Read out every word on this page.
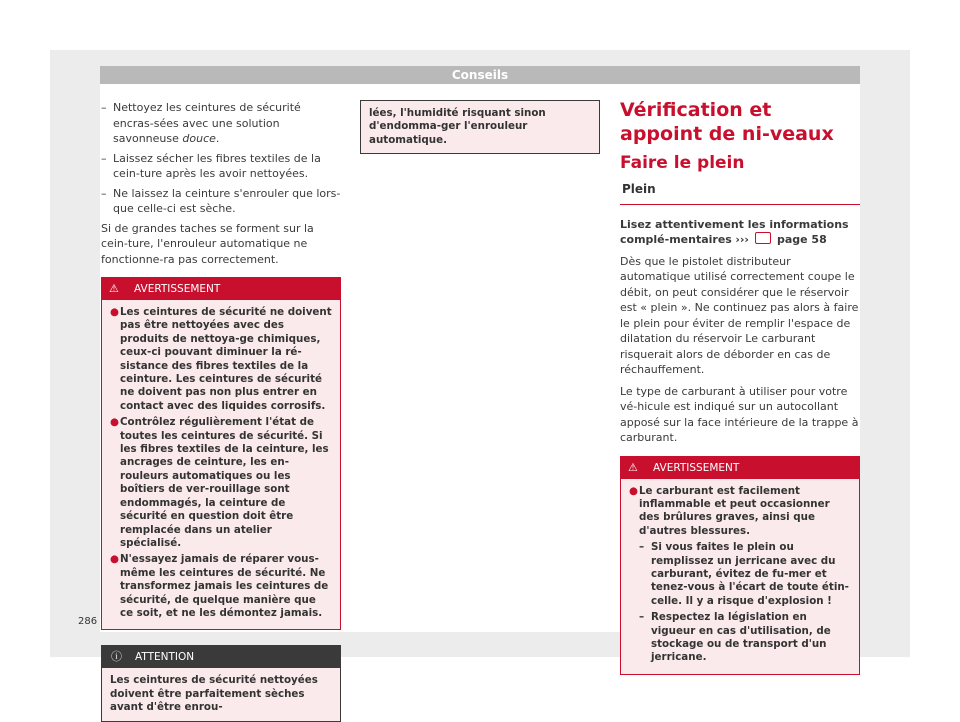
Conseils
– Nettoyez les ceintures de sécurité encras-sées avec une solution savonneuse douce.
– Laissez sécher les fibres textiles de la cein-ture après les avoir nettoyées.
– Ne laissez la ceinture s'enrouler que lors-que celle-ci est sèche.

Si de grandes taches se forment sur la cein-ture, l'enrouleur automatique ne fonctionne-ra pas correctement.

⚠ AVERTISSEMENT
● Les ceintures de sécurité ne doivent pas être nettoyées avec des produits de nettoya-ge chimiques, ceux-ci pouvant diminuer la ré-sistance des fibres textiles de la ceinture. Les ceintures de sécurité ne doivent pas non plus entrer en contact avec des liquides corrosifs.
● Contrôlez régulièrement l'état de toutes les ceintures de sécurité. Si les fibres textiles de la ceinture, les ancrages de ceinture, les en-rouleurs automatiques ou les boîtiers de ver-rouillage sont endommagés, la ceinture de sécurité en question doit être remplacée dans un atelier spécialisé.
● N'essayez jamais de réparer vous-même les ceintures de sécurité. Ne transformez jamais les ceintures de sécurité, de quelque manière que ce soit, et ne les démontez jamais.
ⓘ ATTENTION
Les ceintures de sécurité nettoyées doivent être parfaitement sèches avant d'être enrou-
lées, l'humidité risquant sinon d'endomma-ger l'enrouleur automatique.
Vérification et appoint de ni-veaux
Faire le plein
Plein

Lisez attentivement les informations complé-mentaires ›››	page 58

Dès que le pistolet distributeur automatique utilisé correctement coupe le débit, on peut considérer que le réservoir est « plein ». Ne continuez pas alors à faire le plein pour éviter de remplir l'espace de dilatation du réservoir Le carburant risquerait alors de déborder en cas de réchauffement.

Le type de carburant à utiliser pour votre vé-hicule est indiqué sur un autocollant apposé sur la face intérieure de la trappe à carburant.

⚠ AVERTISSEMENT
● Le carburant est facilement inflammable et peut occasionner des brûlures graves, ainsi que d'autres blessures.
– Si vous faites le plein ou remplissez un jerricane avec du carburant, évitez de fu-mer et tenez-vous à l'écart de toute étin-celle. Il y a risque d'explosion !
– Respectez la législation en vigueur en cas d'utilisation, de stockage ou de transport d'un jerricane.
286
